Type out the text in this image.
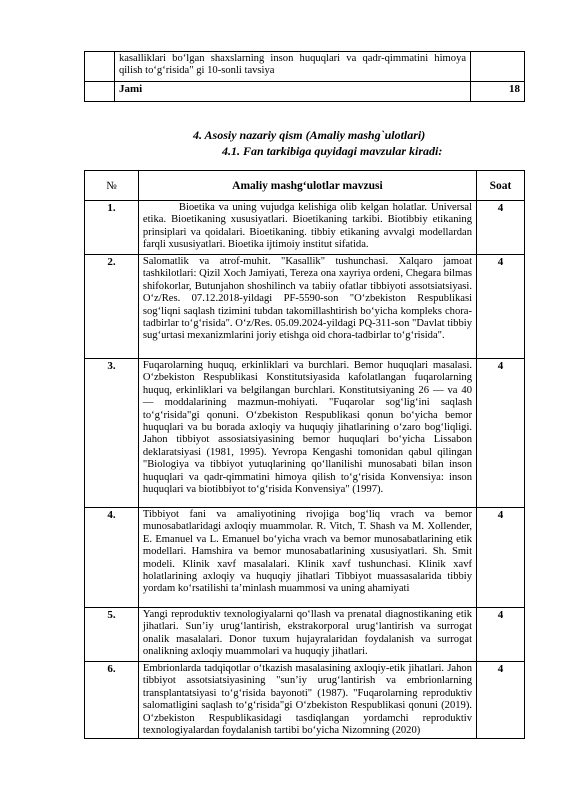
	kasalliklari bo‘lgan shaxslarning inson huquqlari va qadr-qimmatini himoya qilish to‘g‘risida" gi 10-sonli tavsiya	
	Jami	18
4. Asosiy nazariy qism (Amaliy mashg`ulotlari)
4.1. Fan tarkibiga quyidagi mavzular kiradi:
№	Amaliy mashg‘ulotlar mavzusi	Soat
1.	Bioetika va uning vujudga kelishiga olib kelgan holatlar. Universal etika. Bioetikaning xususiyatlari. Bioetikaning tarkibi. Biotibbiy etikaning prinsiplari va qoidalari. Bioetikaning. tibbiy etikaning avvalgi modellardan farqli xususiyatlari. Bioetika ijtimoiy institut sifatida.	4
2.	Salomatlik va atrof-muhit. "Kasallik" tushunchasi. Xalqaro jamoat tashkilotlari: Qizil Xoch Jamiyati, Tereza ona xayriya ordeni, Chegara bilmas shifokorlar, Butunjahon shoshilinch va tabiiy ofatlar tibbiyoti assotsiatsiyasi. O‘z/Res. 07.12.2018-yildagi PF-5590-son "O‘zbekiston Respublikasi sog‘liqni saqlash tizimini tubdan takomillashtirish bo‘yicha kompleks chora-tadbirlar to‘g‘risida". O‘z/Res. 05.09.2024-yildagi PQ-311-son "Davlat tibbiy sug‘urtasi mexanizmlarini joriy etishga oid chora-tadbirlar to‘g‘risida".	4
3.	Fuqarolarning huquq, erkinliklari va burchlari. Bemor huquqlari masalasi. O‘zbekiston Respublikasi Konstitutsiyasida kafolatlangan fuqarolarning huquq, erkinliklari va belgilangan burchlari. Konstitutsiyaning 26 — va 40 — moddalarining mazmun-mohiyati. "Fuqarolar sog‘lig‘ini saqlash to‘g‘risida"gi qonuni. O‘zbekiston Respublikasi qonun bo‘yicha bemor huquqlari va bu borada axloqiy va huquqiy jihatlarining o‘zaro bog‘liqligi. Jahon tibbiyot assosiatsiyasining bemor huquqlari bo‘yicha Lissabon deklaratsiyasi (1981, 1995). Yevropa Kengashi tomonidan qabul qilingan "Biologiya va tibbiyot yutuqlarining qo‘llanilishi munosabati bilan inson huquqlari va qadr-qimmatini himoya qilish to‘g‘risida Konvensiya: inson huquqlari va biotibbiyot to‘g‘risida Konvensiya" (1997).	4
4.	Tibbiyot fani va amaliyotining rivojiga bog‘liq vrach va bemor munosabatlaridagi axloqiy muammolar. R. Vitch, T. Shash va M. Xollender, E. Emanuel va L. Emanuel bo‘yicha vrach va bemor munosabatlarining etik modellari. Hamshira va bemor munosabatlarining xususiyatlari. Sh. Smit modeli. Klinik xavf masalalari. Klinik xavf tushunchasi. Klinik xavf holatlarining axloqiy va huquqiy jihatlari Tibbiyot muassasalarida tibbiy yordam ko‘rsatilishi ta’minlash muammosi va uning ahamiyati	4
5.	Yangi reproduktiv texnologiyalarni qo‘llash va prenatal diagnostikaning etik jihatlari. Sun’iy urug‘lantirish, ekstrakorporal urug‘lantirish va surrogat onalik masalalari. Donor tuxum hujayralaridan foydalanish va surrogat onalikning axloqiy muammolari va huquqiy jihatlari.	4
6.	Embrionlarda tadqiqotlar o‘tkazish masalasining axloqiy-etik jihatlari. Jahon tibbiyot assotsiatsiyasining "sun’iy urug‘lantirish va embrionlarning transplantatsiyasi to‘g‘risida bayonoti" (1987). "Fuqarolarning reproduktiv salomatligini saqlash to‘g‘risida"gi O‘zbekiston Respublikasi qonuni (2019). O‘zbekiston Respublikasidagi tasdiqlangan yordamchi reproduktiv texnologiyalardan foydalanish tartibi bo‘yicha Nizomning (2020)	4
